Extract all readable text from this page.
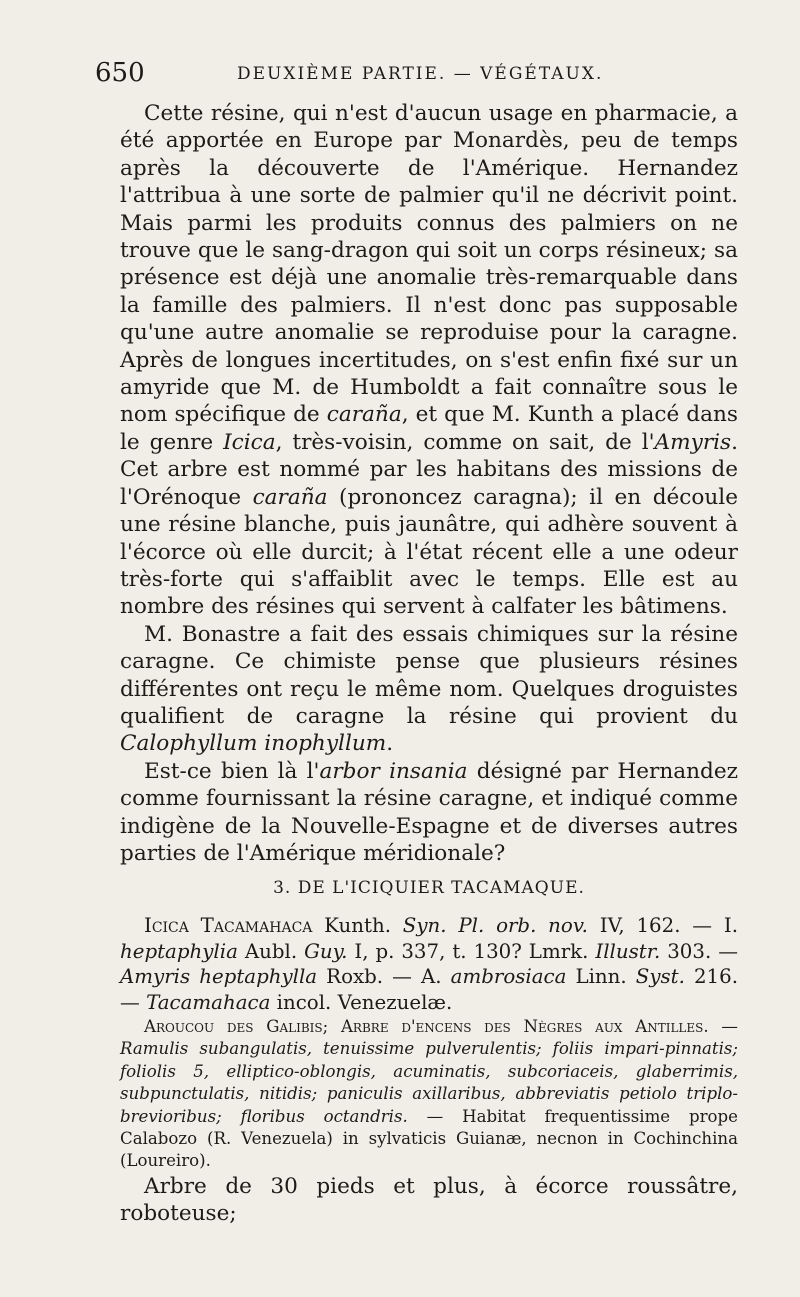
650	DEUXIÈME PARTIE. — VÉGÉTAUX.

Cette résine, qui n'est d'aucun usage en pharmacie, a été apportée en Europe par Monardès, peu de temps après la découverte de l'Amérique. Hernandez l'attribua à une sorte de palmier qu'il ne décrivit point. Mais parmi les produits connus des palmiers on ne trouve que le sang-dragon qui soit un corps résineux; sa présence est déjà une anomalie très-remarquable dans la famille des palmiers. Il n'est donc pas supposable qu'une autre anomalie se reproduise pour la caragne. Après de longues incertitudes, on s'est enfin fixé sur un amyride que M. de Humboldt a fait connaître sous le nom spécifique de caraña, et que M. Kunth a placé dans le genre Icica, très-voisin, comme on sait, de l'Amyris. Cet arbre est nommé par les habitans des missions de l'Orénoque caraña (prononcez caragna); il en découle une résine blanche, puis jaunâtre, qui adhère souvent à l'écorce où elle durcit; à l'état récent elle a une odeur très-forte qui s'affaiblit avec le temps. Elle est au nombre des résines qui servent à calfater les bâtimens.

M. Bonastre a fait des essais chimiques sur la résine caragne. Ce chimiste pense que plusieurs résines différentes ont reçu le même nom. Quelques droguistes qualifient de caragne la résine qui provient du Calophyllum inophyllum.

Est-ce bien là l'arbor insania désigné par Hernandez comme fournissant la résine caragne, et indiqué comme indigène de la Nouvelle-Espagne et de diverses autres parties de l'Amérique méridionale?

3. DE L'ICIQUIER TACAMAQUE.

Icica Tacamahaca Kunth. Syn. Pl. orb. nov. IV, 162. — I. heptaphylia Aubl. Guy. I, p. 337, t. 130? Lmrk. Illustr. 303. — Amyris heptaphylla Roxb. — A. ambrosiaca Linn. Syst. 216. — Tacamahaca incol. Venezuelæ.

Aroucou des Galibis; Arbre d'encens des Nègres aux Antilles. — Ramulis subangulatis, tenuissime pulverulentis; foliis impari-pinnatis; foliolis 5, elliptico-oblongis, acuminatis, subcoriaceis, glaberrimis, subpunctulatis, nitidis; paniculis axillaribus, abbreviatis petiolo triplo-brevioribus; floribus octandris. — Habitat frequentissime prope Calabozo (R. Venezuela) in sylvaticis Guianæ, necnon in Cochinchina (Loureiro).

Arbre de 30 pieds et plus, à écorce roussâtre, roboteuse;
